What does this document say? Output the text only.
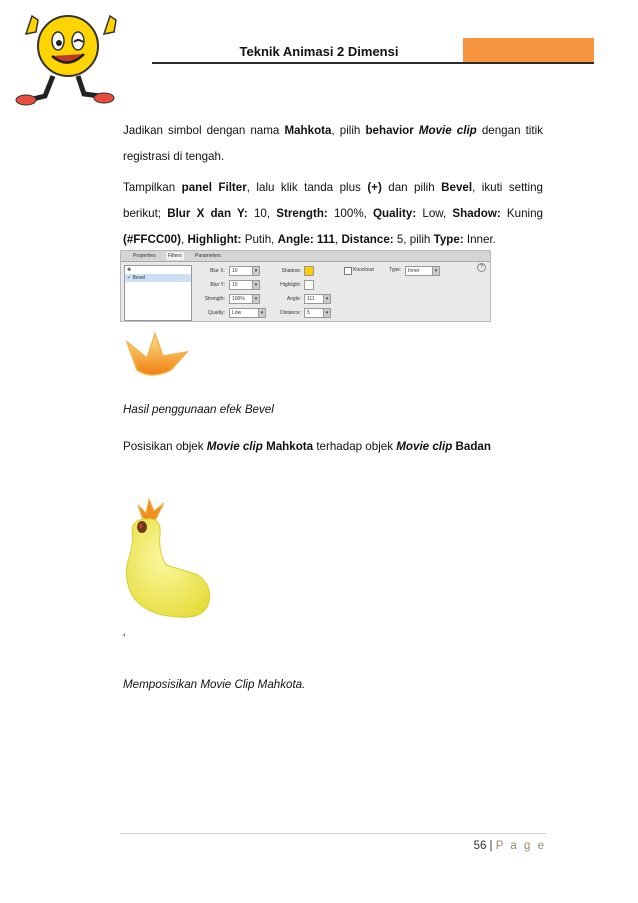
Teknik Animasi 2 Dimensi
Jadikan simbol dengan nama Mahkota, pilih behavior Movie clip dengan titik registrasi di tengah.
Tampilkan panel Filter, lalu klik tanda plus (+) dan pilih Bevel, ikuti setting berikut; Blur X dan Y: 10, Strength: 100%, Quality: Low, Shadow: Kuning (#FFCC00), Highlight: Putih, Angle: 111, Distance: 5, pilih Type: Inner.
Properties	Filters	Parameters
✚
✓ Bevel
Blur X:	10	▾
Blur Y:	10	▾
Strength:	100%	▾
Quality:	Low	▾
Shadow:
Highlight:
Angle:	111	▾
Distance:	5	▾
Knockout	Type:	Inner	▾
?
Hasil penggunaan efek Bevel
Posisikan objek Movie clip Mahkota terhadap objek Movie clip Badan
‘
Memposisikan Movie Clip Mahkota.
56 | P a g e
